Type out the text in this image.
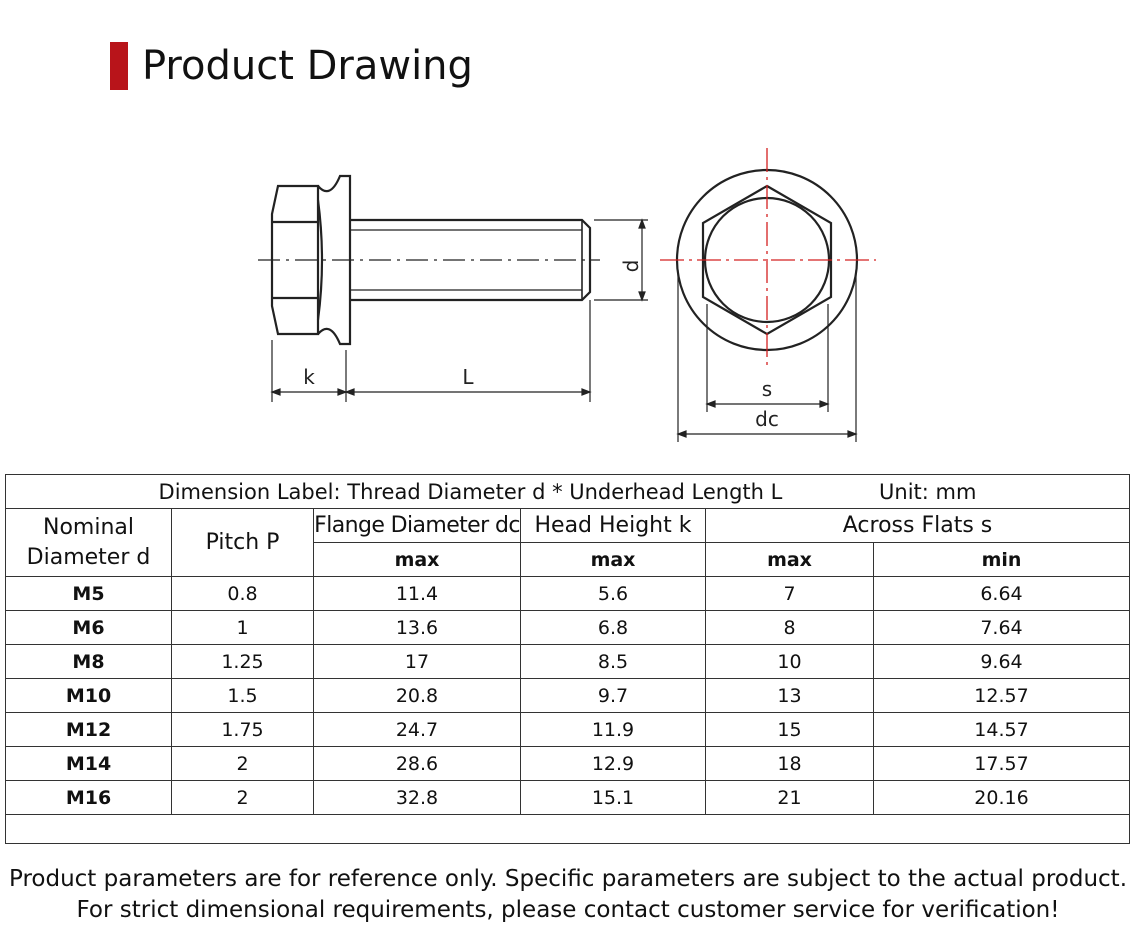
Product Drawing
d
k	L	s
dc
Dimension Label: Thread Diameter d * Underhead Length L Unit: mm					
Nominal Diameter d	Pitch P	Flange Diameter dc	Head Height k	Across Flats s	
		max	max	max	min
M5	0.8	11.4	5.6	7	6.64
M6	1	13.6	6.8	8	7.64
M8	1.25	17	8.5	10	9.64
M10	1.5	20.8	9.7	13	12.57
M12	1.75	24.7	11.9	15	14.57
M14	2	28.6	12.9	18	17.57
M16	2	32.8	15.1	21	20.16

Product parameters are for reference only. Specific parameters are subject to the actual product.
For strict dimensional requirements, please contact customer service for verification!
